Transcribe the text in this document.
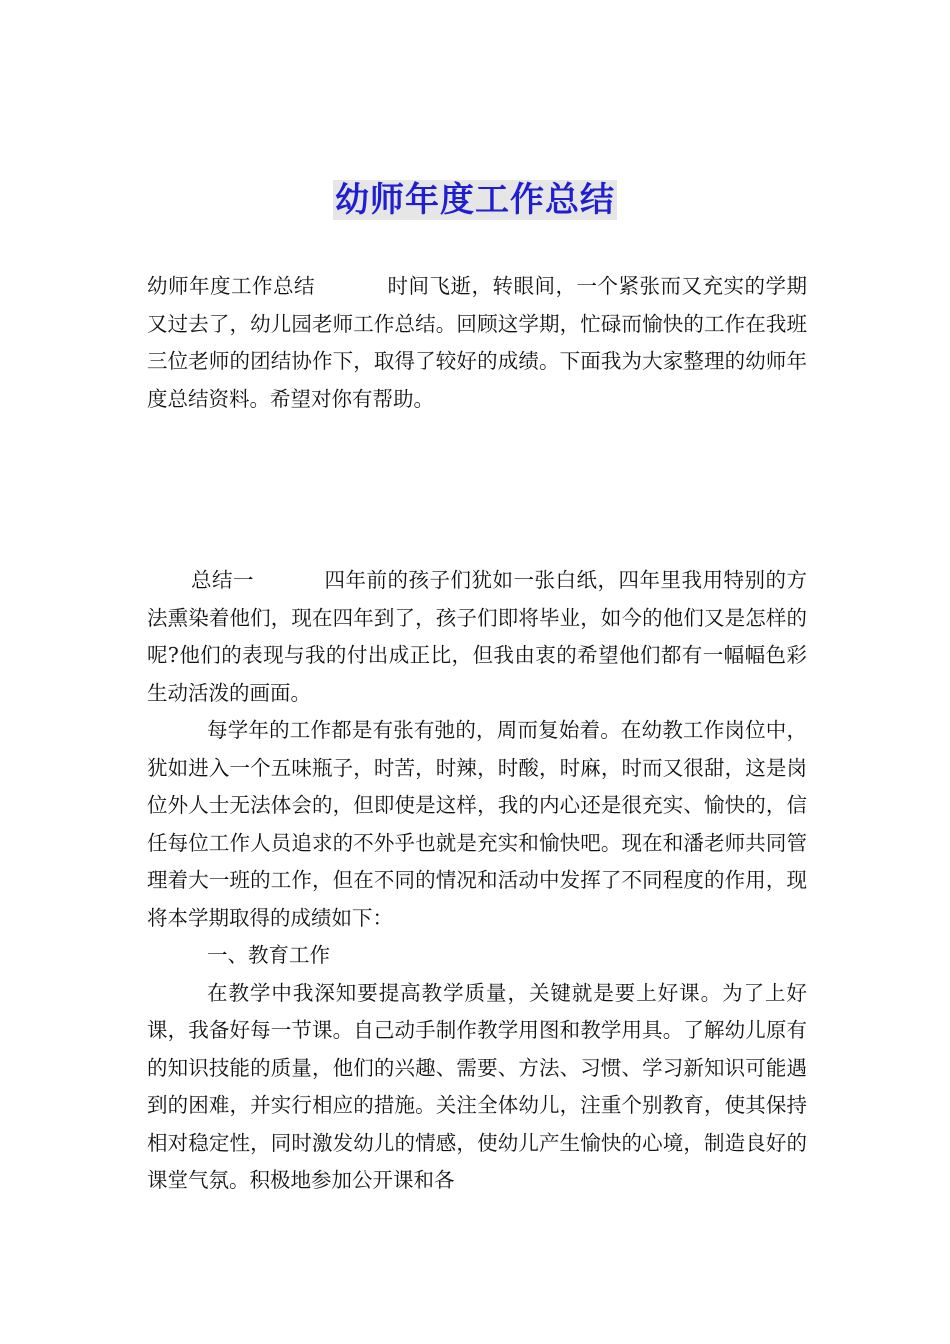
幼师年度工作总结

幼师年度工作总结	时间飞逝，转眼间，一个紧张而又充实的学期又过去了，幼儿园老师工作总结。回顾这学期，忙碌而愉快的工作在我班三位老师的团结协作下，取得了较好的成绩。下面我为大家整理的幼师年度总结资料。希望对你有帮助。

总结一	四年前的孩子们犹如一张白纸，四年里我用特别的方法熏染着他们，现在四年到了，孩子们即将毕业，如今的他们又是怎样的呢?他们的表现与我的付出成正比，但我由衷的希望他们都有一幅幅色彩生动活泼的画面。

每学年的工作都是有张有弛的，周而复始着。在幼教工作岗位中，犹如进入一个五味瓶子，时苦，时辣，时酸，时麻，时而又很甜，这是岗位外人士无法体会的，但即使是这样，我的内心还是很充实、愉快的，信任每位工作人员追求的不外乎也就是充实和愉快吧。现在和潘老师共同管理着大一班的工作，但在不同的情况和活动中发挥了不同程度的作用，现将本学期取得的成绩如下：

一、教育工作

在教学中我深知要提高教学质量，关键就是要上好课。为了上好课，我备好每一节课。自己动手制作教学用图和教学用具。了解幼儿原有的知识技能的质量，他们的兴趣、需要、方法、习惯、学习新知识可能遇到的困难，并实行相应的措施。关注全体幼儿，注重个别教育，使其保持相对稳定性，同时激发幼儿的情感，使幼儿产生愉快的心境，制造良好的课堂气氛。积极地参加公开课和各
